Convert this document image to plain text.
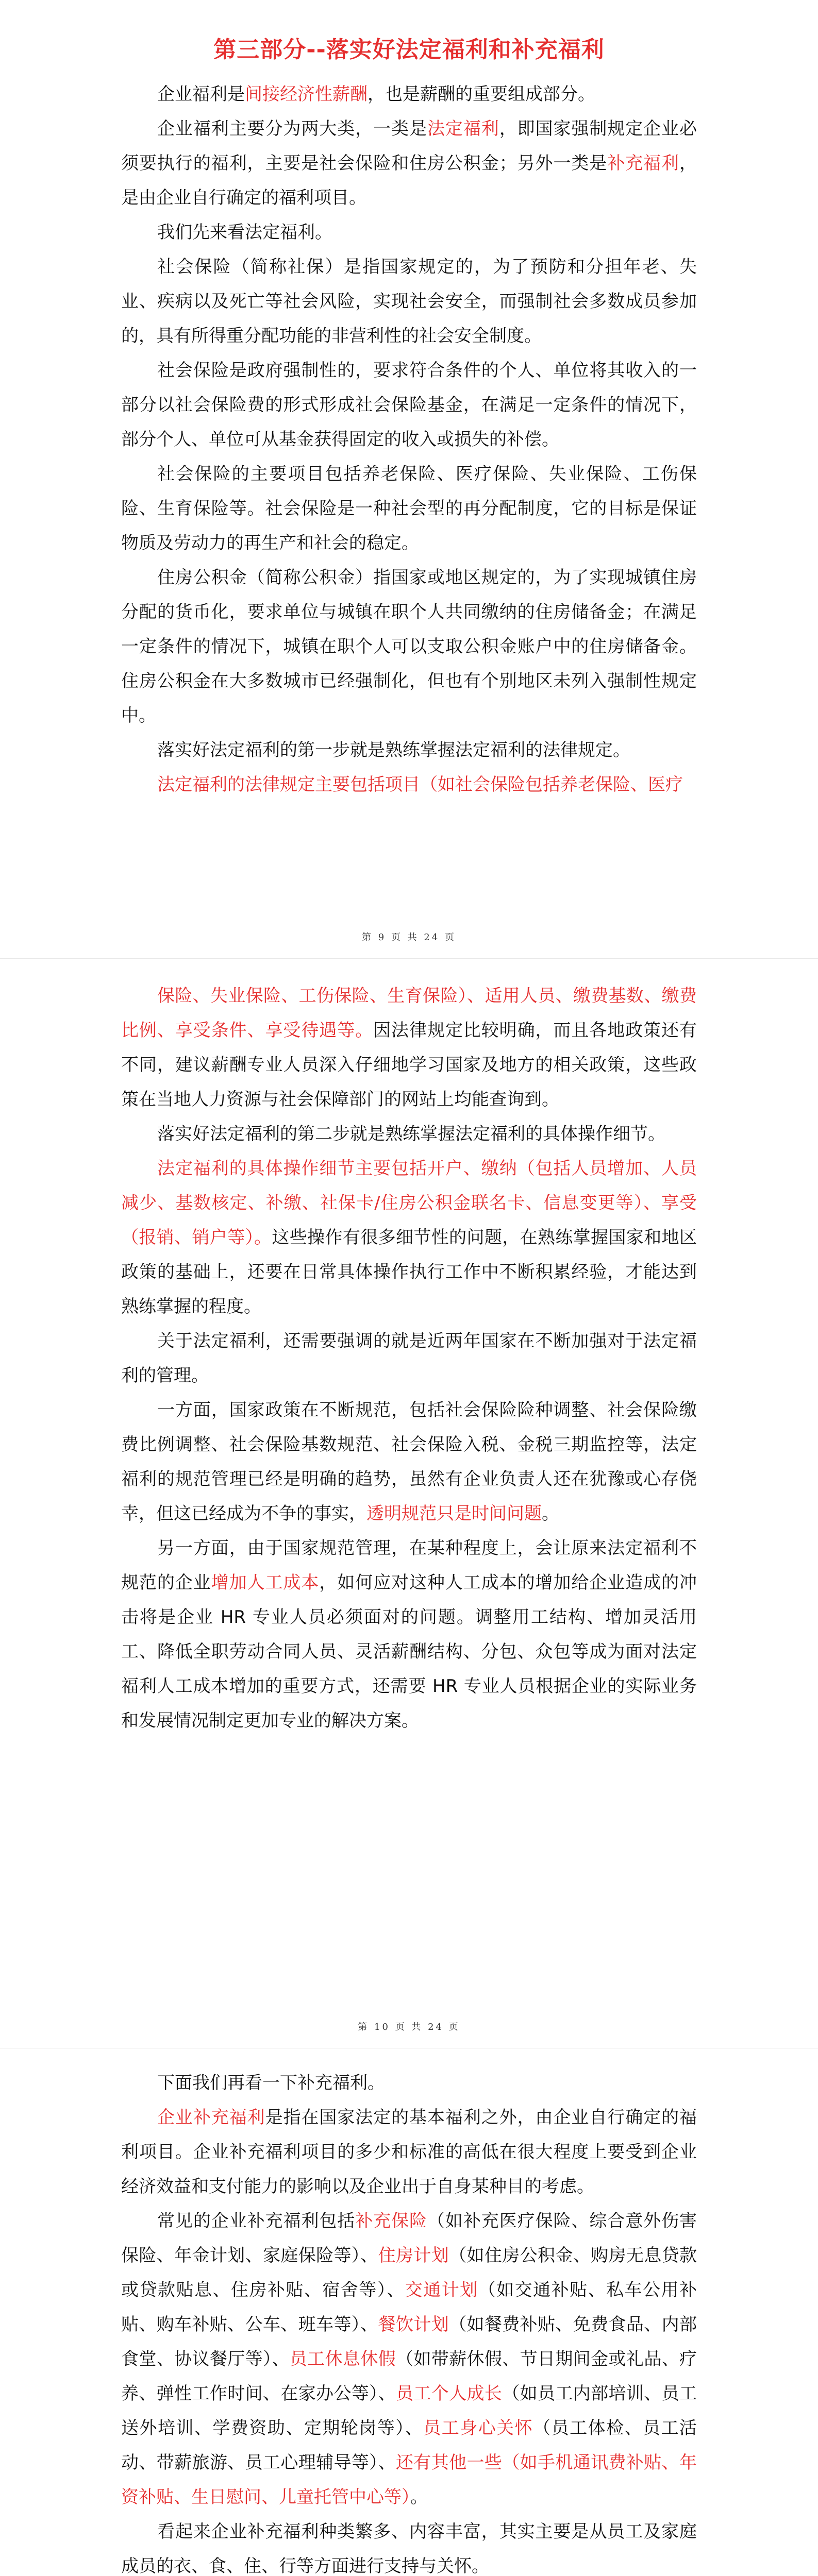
第三部分--落实好法定福利和补充福利

企业福利是间接经济性薪酬，也是薪酬的重要组成部分。

企业福利主要分为两大类，一类是法定福利，即国家强制规定企业必须要执行的福利，主要是社会保险和住房公积金；另外一类是补充福利，是由企业自行确定的福利项目。

我们先来看法定福利。

社会保险（简称社保）是指国家规定的，为了预防和分担年老、失业、疾病以及死亡等社会风险，实现社会安全，而强制社会多数成员参加的，具有所得重分配功能的非营利性的社会安全制度。

社会保险是政府强制性的，要求符合条件的个人、单位将其收入的一部分以社会保险费的形式形成社会保险基金，在满足一定条件的情况下，部分个人、单位可从基金获得固定的收入或损失的补偿。

社会保险的主要项目包括养老保险、医疗保险、失业保险、工伤保险、生育保险等。社会保险是一种社会型的再分配制度，它的目标是保证物质及劳动力的再生产和社会的稳定。

住房公积金（简称公积金）指国家或地区规定的，为了实现城镇住房分配的货币化，要求单位与城镇在职个人共同缴纳的住房储备金；在满足一定条件的情况下，城镇在职个人可以支取公积金账户中的住房储备金。住房公积金在大多数城市已经强制化，但也有个别地区未列入强制性规定中。

落实好法定福利的第一步就是熟练掌握法定福利的法律规定。

法定福利的法律规定主要包括项目（如社会保险包括养老保险、医疗

第 9 页 共 24 页

保险、失业保险、工伤保险、生育保险）、适用人员、缴费基数、缴费比例、享受条件、享受待遇等。因法律规定比较明确，而且各地政策还有不同，建议薪酬专业人员深入仔细地学习国家及地方的相关政策，这些政策在当地人力资源与社会保障部门的网站上均能查询到。

落实好法定福利的第二步就是熟练掌握法定福利的具体操作细节。

法定福利的具体操作细节主要包括开户、缴纳（包括人员增加、人员减少、基数核定、补缴、社保卡/住房公积金联名卡、信息变更等）、享受（报销、销户等）。这些操作有很多细节性的问题，在熟练掌握国家和地区政策的基础上，还要在日常具体操作执行工作中不断积累经验，才能达到熟练掌握的程度。

关于法定福利，还需要强调的就是近两年国家在不断加强对于法定福利的管理。

一方面，国家政策在不断规范，包括社会保险险种调整、社会保险缴费比例调整、社会保险基数规范、社会保险入税、金税三期监控等，法定福利的规范管理已经是明确的趋势，虽然有企业负责人还在犹豫或心存侥幸，但这已经成为不争的事实，透明规范只是时间问题。

另一方面，由于国家规范管理，在某种程度上，会让原来法定福利不规范的企业增加人工成本，如何应对这种人工成本的增加给企业造成的冲击将是企业 HR 专业人员必须面对的问题。调整用工结构、增加灵活用工、降低全职劳动合同人员、灵活薪酬结构、分包、众包等成为面对法定福利人工成本增加的重要方式，还需要 HR 专业人员根据企业的实际业务和发展情况制定更加专业的解决方案。

第 10 页 共 24 页

下面我们再看一下补充福利。

企业补充福利是指在国家法定的基本福利之外，由企业自行确定的福利项目。企业补充福利项目的多少和标准的高低在很大程度上要受到企业经济效益和支付能力的影响以及企业出于自身某种目的考虑。

常见的企业补充福利包括补充保险（如补充医疗保险、综合意外伤害保险、年金计划、家庭保险等）、住房计划（如住房公积金、购房无息贷款或贷款贴息、住房补贴、宿舍等）、交通计划（如交通补贴、私车公用补贴、购车补贴、公车、班车等）、餐饮计划（如餐费补贴、免费食品、内部食堂、协议餐厅等）、员工休息休假（如带薪休假、节日期间金或礼品、疗养、弹性工作时间、在家办公等）、员工个人成长（如员工内部培训、员工送外培训、学费资助、定期轮岗等）、员工身心关怀（员工体检、员工活动、带薪旅游、员工心理辅导等）、还有其他一些（如手机通讯费补贴、年资补贴、生日慰问、儿童托管中心等）。

看起来企业补充福利种类繁多、内容丰富，其实主要是从员工及家庭成员的衣、食、住、行等方面进行支持与关怀。
